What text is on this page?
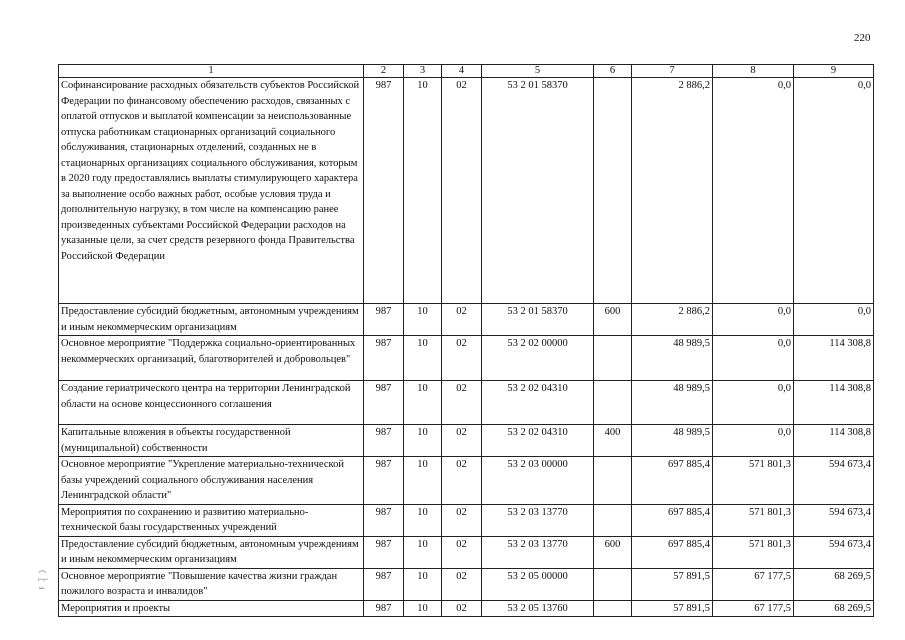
220
෴
⌐⌐
∽
1	2	3	4	5	6	7	8	9
Софинансирование расходных обязательств субъектов Российской Федерации по финансовому обеспечению расходов, связанных с оплатой отпусков и выплатой компенсации за неиспользованные отпуска работникам стационарных организаций социального обслуживания, стационарных отделений, созданных не в стационарных организациях социального обслуживания, которым в 2020 году предоставлялись выплаты стимулирующего характера за выполнение особо важных работ, особые условия труда и дополнительную нагрузку, в том числе на компенсацию ранее произведенных субъектами Российской Федерации расходов на указанные цели, за счет средств резервного фонда Правительства Российской Федерации	987	10	02	53 2 01 58370		2 886,2	0,0	0,0
Предоставление субсидий бюджетным, автономным учреждениям и иным некоммерческим организациям	987	10	02	53 2 01 58370	600	2 886,2	0,0	0,0
Основное мероприятие "Поддержка социально-ориентированных некоммерческих организаций, благотворителей и добровольцев"	987	10	02	53 2 02 00000		48 989,5	0,0	114 308,8
Создание гериатрического центра на территории Ленинградской области на основе концессионного соглашения	987	10	02	53 2 02 04310		48 989,5	0,0	114 308,8
Капитальные вложения в объекты государственной (муниципальной) собственности	987	10	02	53 2 02 04310	400	48 989,5	0,0	114 308,8
Основное мероприятие "Укрепление материально-технической базы учреждений социального обслуживания населения Ленинградской области"	987	10	02	53 2 03 00000		697 885,4	571 801,3	594 673,4
Мероприятия по сохранению и развитию материально-технической базы государственных учреждений	987	10	02	53 2 03 13770		697 885,4	571 801,3	594 673,4
Предоставление субсидий бюджетным, автономным учреждениям и иным некоммерческим организациям	987	10	02	53 2 03 13770	600	697 885,4	571 801,3	594 673,4
Основное мероприятие "Повышение качества жизни граждан пожилого возраста и инвалидов"	987	10	02	53 2 05 00000		57 891,5	67 177,5	68 269,5
Мероприятия и проекты	987	10	02	53 2 05 13760		57 891,5	67 177,5	68 269,5
